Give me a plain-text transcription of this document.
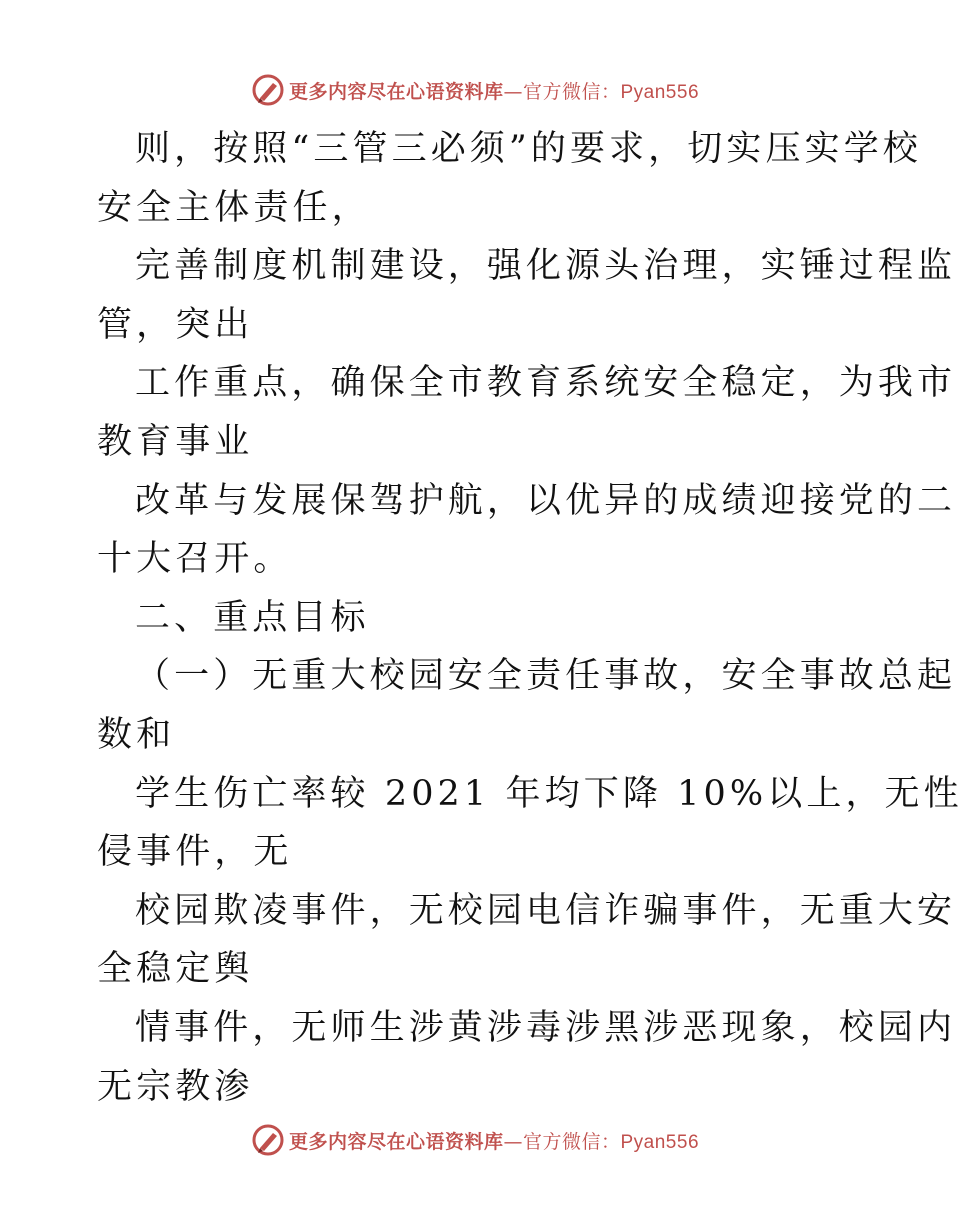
更多内容尽在心语资料库—官方微信：Pyan556
则，按照“三管三必须”的要求，切实压实学校
安全主体责任，
完善制度机制建设，强化源头治理，实锤过程监
管，突出
工作重点，确保全市教育系统安全稳定，为我市
教育事业
改革与发展保驾护航，以优异的成绩迎接党的二
十大召开。
二、重点目标
（一）无重大校园安全责任事故，安全事故总起
数和
学生伤亡率较 2021 年均下降 10%以上，无性
侵事件，无
校园欺凌事件，无校园电信诈骗事件，无重大安
全稳定舆
情事件，无师生涉黄涉毒涉黑涉恶现象，校园内
无宗教渗
更多内容尽在心语资料库—官方微信：Pyan556
